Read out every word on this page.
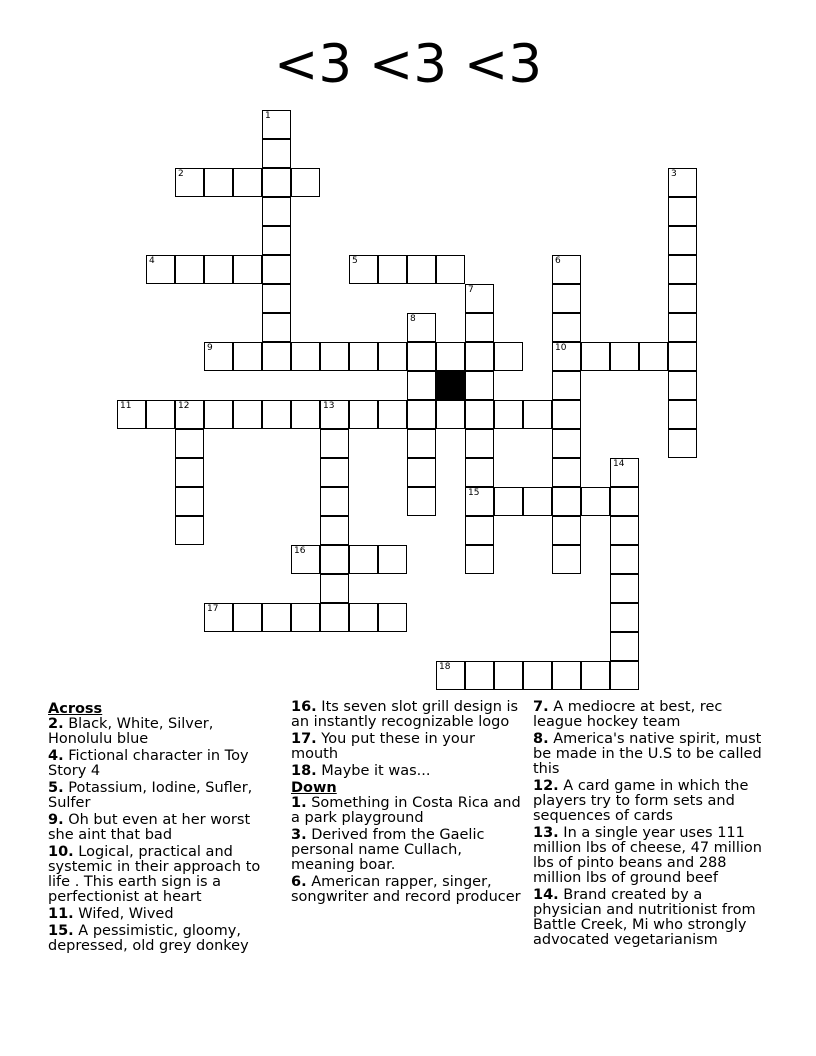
<3 <3 <3
1
2
4	5
3
6
10
7
15
8
9
11	12	13
14
16
17
18
Across
2. Black, White, Silver, Honolulu blue
4. Fictional character in Toy Story 4
5. Potassium, Iodine, Sufler, Sulfer
9. Oh but even at her worst she aint that bad
10. Logical, practical and systemic in their approach to life . This earth sign is a perfectionist at heart
11. Wifed, Wived
15. A pessimistic, gloomy, depressed, old grey donkey
16. Its seven slot grill design is an instantly recognizable logo
17. You put these in your mouth
18. Maybe it was...
Down
1. Something in Costa Rica and a park playground
3. Derived from the Gaelic personal name Cullach, meaning boar.
6. American rapper, singer, songwriter and record producer
7. A mediocre at best, rec league hockey team
8. America's native spirit, must be made in the U.S to be called this
12. A card game in which the players try to form sets and sequences of cards
13. In a single year uses 111 million lbs of cheese, 47 million lbs of pinto beans and 288 million lbs of ground beef
14. Brand created by a physician and nutritionist from Battle Creek, Mi who strongly advocated vegetarianism
